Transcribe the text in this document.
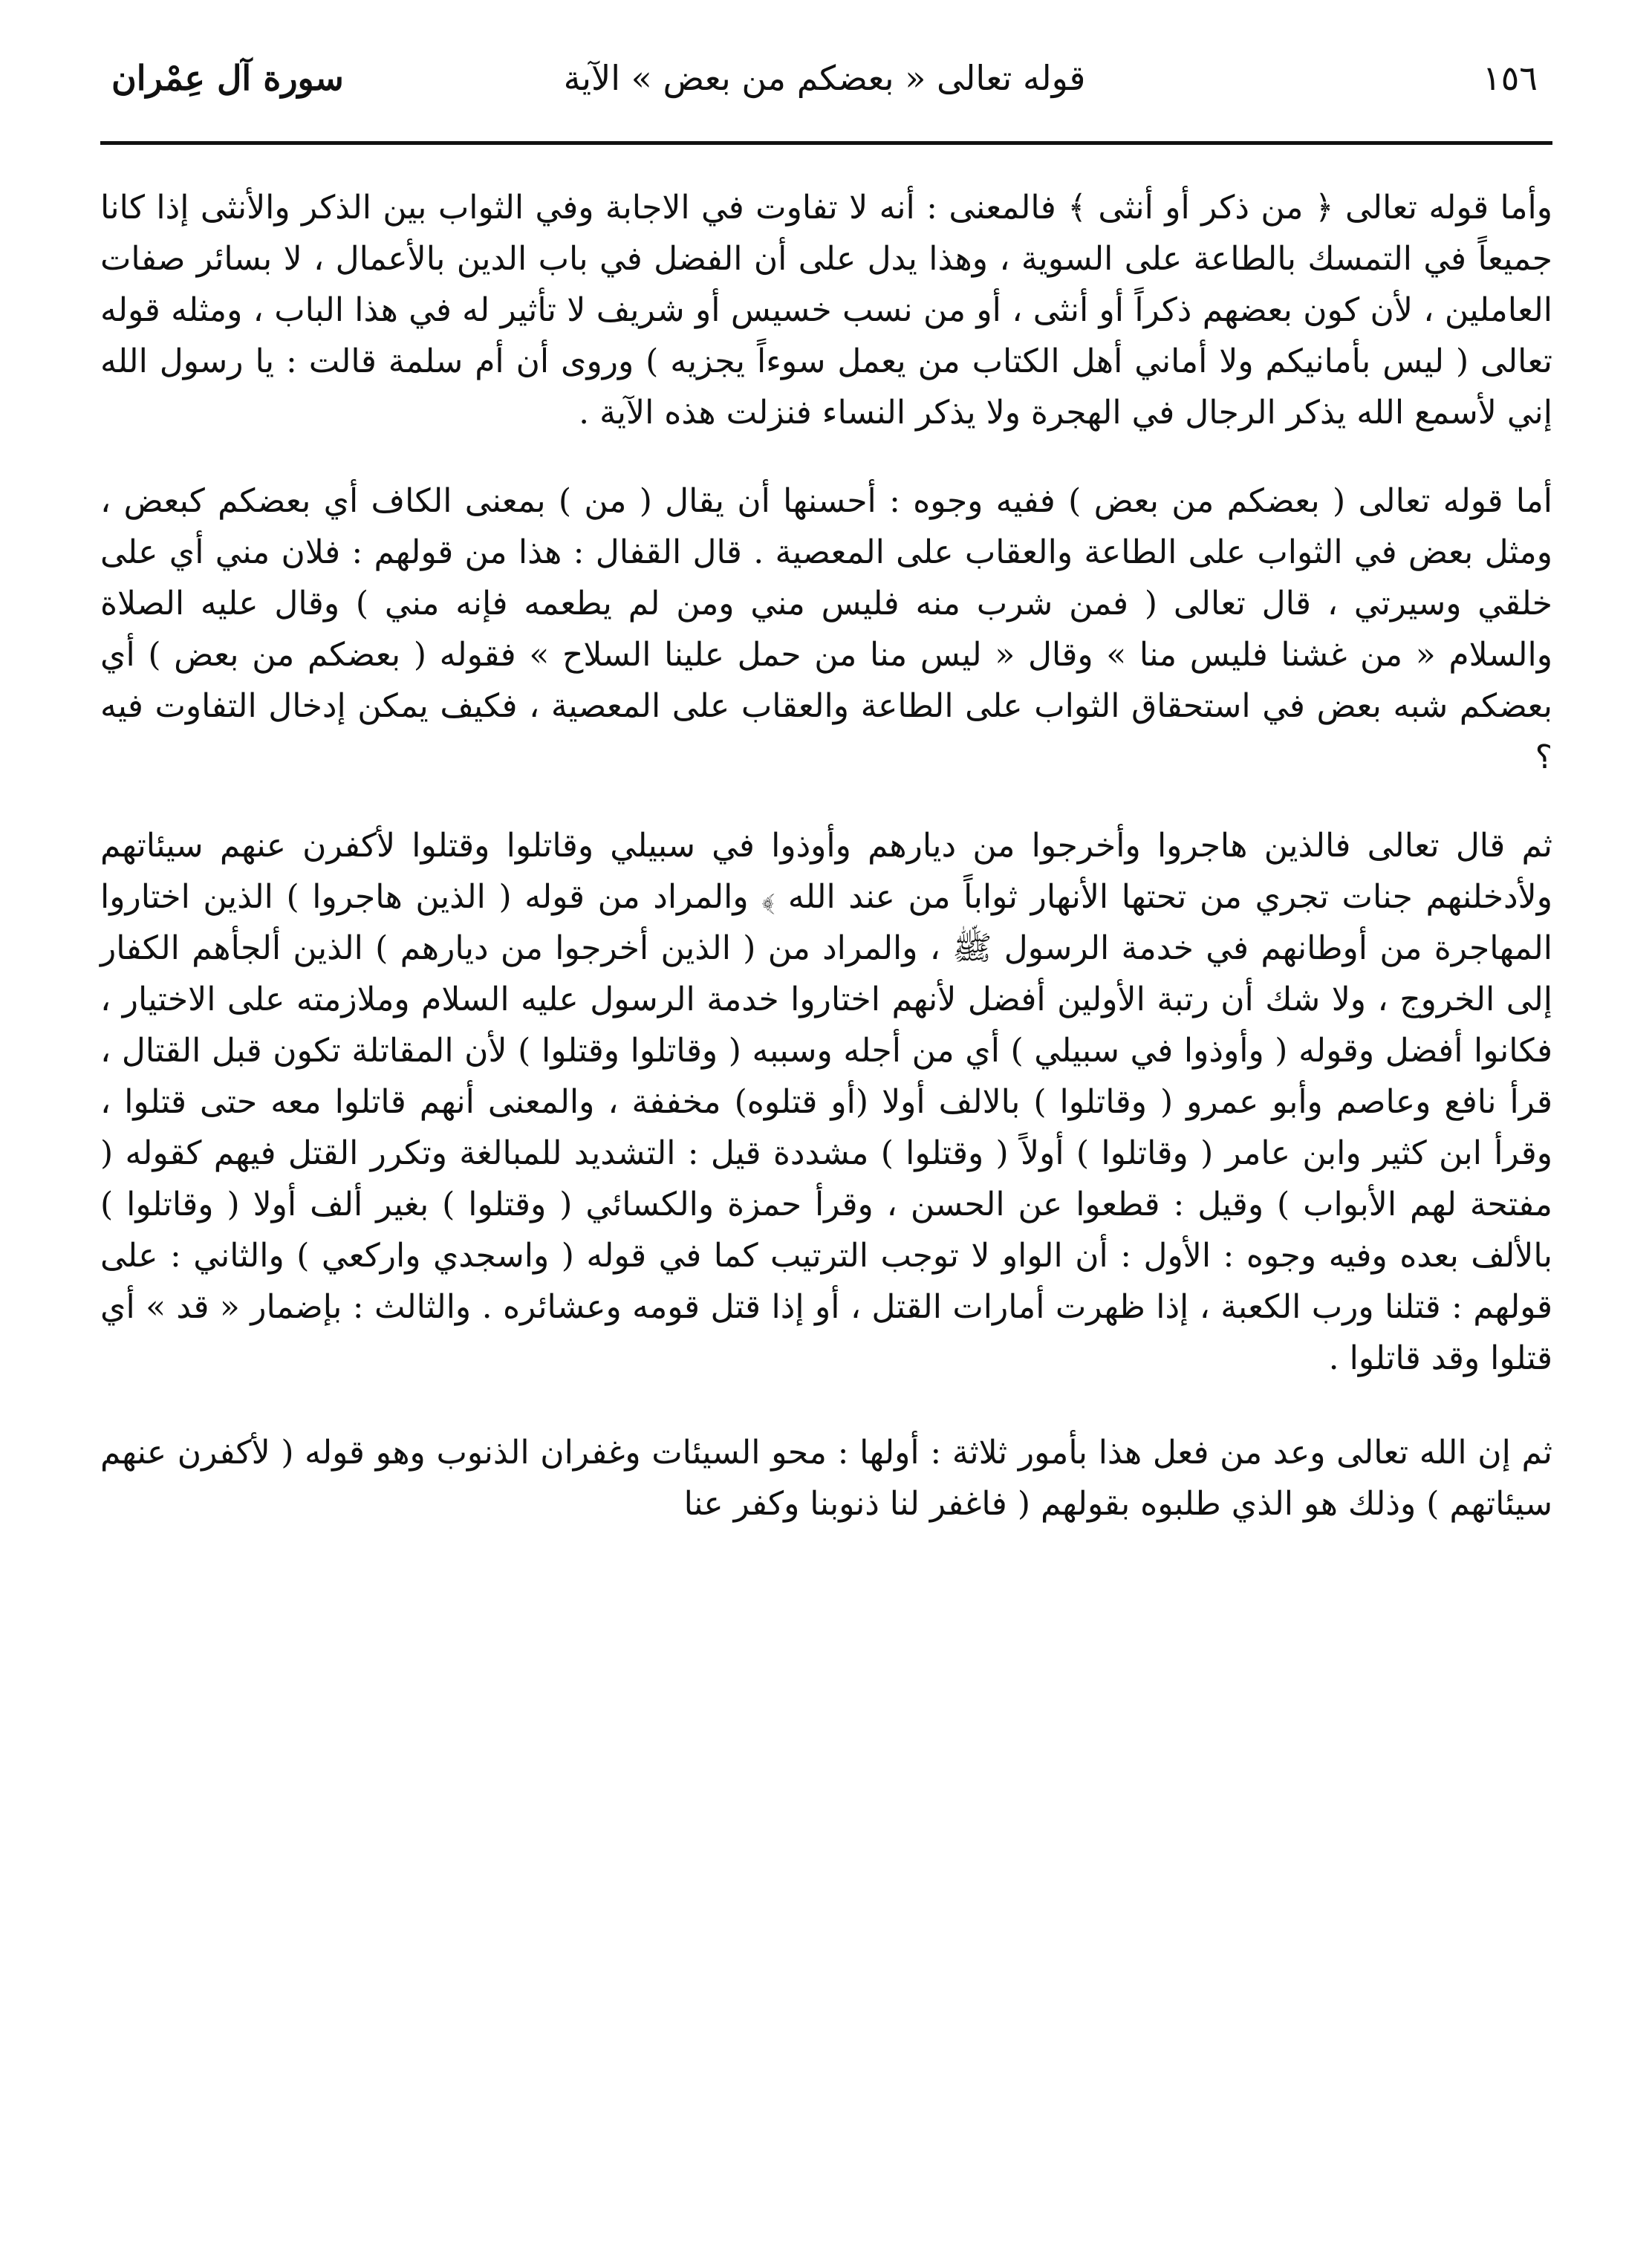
١٥٦
قوله تعالى « بعضكم من بعض » الآية
سورة آل عِمْران

وأما قوله تعالى ﴿ من ذكر أو أنثى ﴾ فالمعنى : أنه لا تفاوت في الاجابة وفي الثواب بين الذكر والأنثى إذا كانا جميعاً في التمسك بالطاعة على السوية ، وهذا يدل على أن الفضل في باب الدين بالأعمال ، لا بسائر صفات العاملين ، لأن كون بعضهم ذكراً أو أنثى ، أو من نسب خسيس أو شريف لا تأثير له في هذا الباب ، ومثله قوله تعالى ( ليس بأمانيكم ولا أماني أهل الكتاب من يعمل سوءاً يجزيه ) وروى أن أم سلمة قالت : يا رسول الله إني لأسمع الله يذكر الرجال في الهجرة ولا يذكر النساء فنزلت هذه الآية .

أما قوله تعالى ( بعضكم من بعض ) ففيه وجوه : أحسنها أن يقال ( من ) بمعنى الكاف أي بعضكم كبعض ، ومثل بعض في الثواب على الطاعة والعقاب على المعصية . قال القفال : هذا من قولهم : فلان مني أي على خلقي وسيرتي ، قال تعالى ( فمن شرب منه فليس مني ومن لم يطعمه فإنه مني ) وقال عليه الصلاة والسلام « من غشنا فليس منا » وقال « ليس منا من حمل علينا السلاح » فقوله ( بعضكم من بعض ) أي بعضكم شبه بعض في استحقاق الثواب على الطاعة والعقاب على المعصية ، فكيف يمكن إدخال التفاوت فيه ؟

ثم قال تعالى فالذين هاجروا وأخرجوا من ديارهم وأوذوا في سبيلي وقاتلوا وقتلوا لأكفرن عنهم سيئاتهم ولأدخلنهم جنات تجري من تحتها الأنهار ثواباً من عند الله ﴾ والمراد من قوله ( الذين هاجروا ) الذين اختاروا المهاجرة من أوطانهم في خدمة الرسول ﷺ ، والمراد من ( الذين أخرجوا من ديارهم ) الذين ألجأهم الكفار إلى الخروج ، ولا شك أن رتبة الأولين أفضل لأنهم اختاروا خدمة الرسول عليه السلام وملازمته على الاختيار ، فكانوا أفضل وقوله ( وأوذوا في سبيلي ) أي من أجله وسببه ( وقاتلوا وقتلوا ) لأن المقاتلة تكون قبل القتال ، قرأ نافع وعاصم وأبو عمرو ( وقاتلوا ) بالالف أولا (أو قتلوه) مخففة ، والمعنى أنهم قاتلوا معه حتى قتلوا ، وقرأ ابن كثير وابن عامر ( وقاتلوا ) أولاً ( وقتلوا ) مشددة قيل : التشديد للمبالغة وتكرر القتل فيهم كقوله ( مفتحة لهم الأبواب ) وقيل : قطعوا عن الحسن ، وقرأ حمزة والكسائي ( وقتلوا ) بغير ألف أولا ( وقاتلوا ) بالألف بعده وفيه وجوه : الأول : أن الواو لا توجب الترتيب كما في قوله ( واسجدي واركعي ) والثاني : على قولهم : قتلنا ورب الكعبة ، إذا ظهرت أمارات القتل ، أو إذا قتل قومه وعشائره . والثالث : بإضمار « قد » أي قتلوا وقد قاتلوا .

ثم إن الله تعالى وعد من فعل هذا بأمور ثلاثة : أولها : محو السيئات وغفران الذنوب وهو قوله ( لأكفرن عنهم سيئاتهم ) وذلك هو الذي طلبوه بقولهم ( فاغفر لنا ذنوبنا وكفر عنا
